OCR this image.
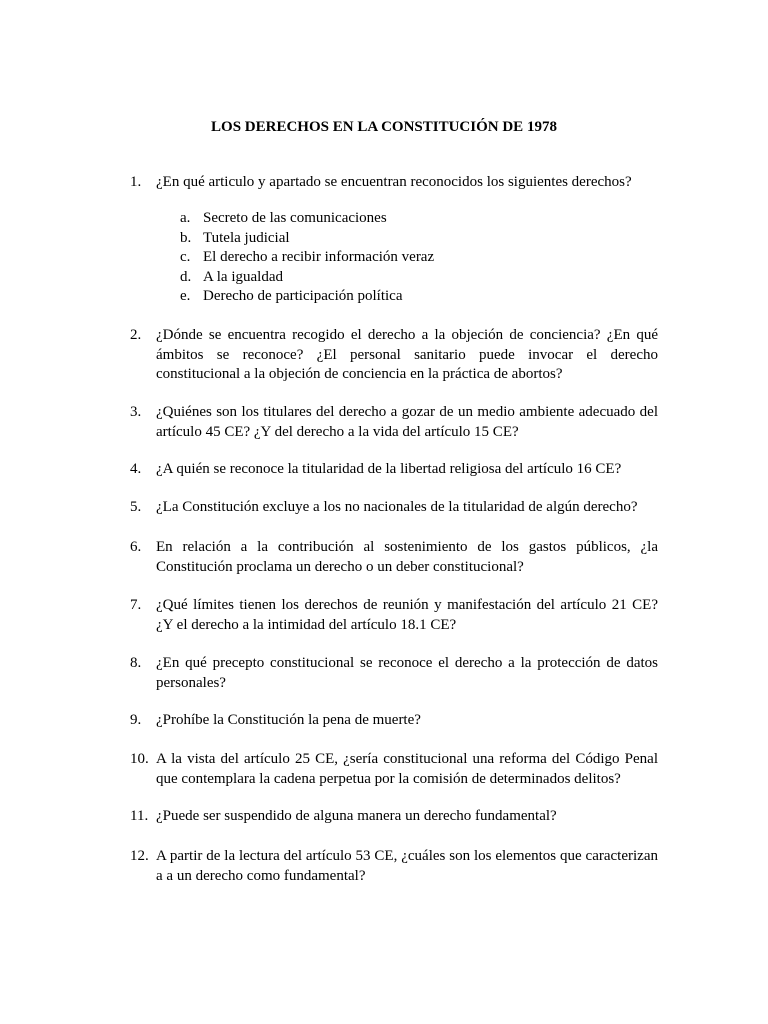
LOS DERECHOS EN LA CONSTITUCIÓN DE 1978

1. ¿En qué articulo y apartado se encuentran reconocidos los siguientes derechos?

a. Secreto de las comunicaciones
b. Tutela judicial
c. El derecho a recibir información veraz
d. A la igualdad
e. Derecho de participación política

2. ¿Dónde se encuentra recogido el derecho a la objeción de conciencia? ¿En qué ámbitos se reconoce? ¿El personal sanitario puede invocar el derecho constitucional a la objeción de conciencia en la práctica de abortos?

3. ¿Quiénes son los titulares del derecho a gozar de un medio ambiente adecuado del artículo 45 CE? ¿Y del derecho a la vida del artículo 15 CE?

4. ¿A quién se reconoce la titularidad de la libertad religiosa del artículo 16 CE?

5. ¿La Constitución excluye a los no nacionales de la titularidad de algún derecho?

6. En relación a la contribución al sostenimiento de los gastos públicos, ¿la Constitución proclama un derecho o un deber constitucional?

7. ¿Qué límites tienen los derechos de reunión y manifestación del artículo 21 CE? ¿Y el derecho a la intimidad del artículo 18.1 CE?

8. ¿En qué precepto constitucional se reconoce el derecho a la protección de datos personales?

9. ¿Prohíbe la Constitución la pena de muerte?

10. A la vista del artículo 25 CE, ¿sería constitucional una reforma del Código Penal que contemplara la cadena perpetua por la comisión de determinados delitos?

11. ¿Puede ser suspendido de alguna manera un derecho fundamental?

12. A partir de la lectura del artículo 53 CE, ¿cuáles son los elementos que caracterizan a a un derecho como fundamental?
